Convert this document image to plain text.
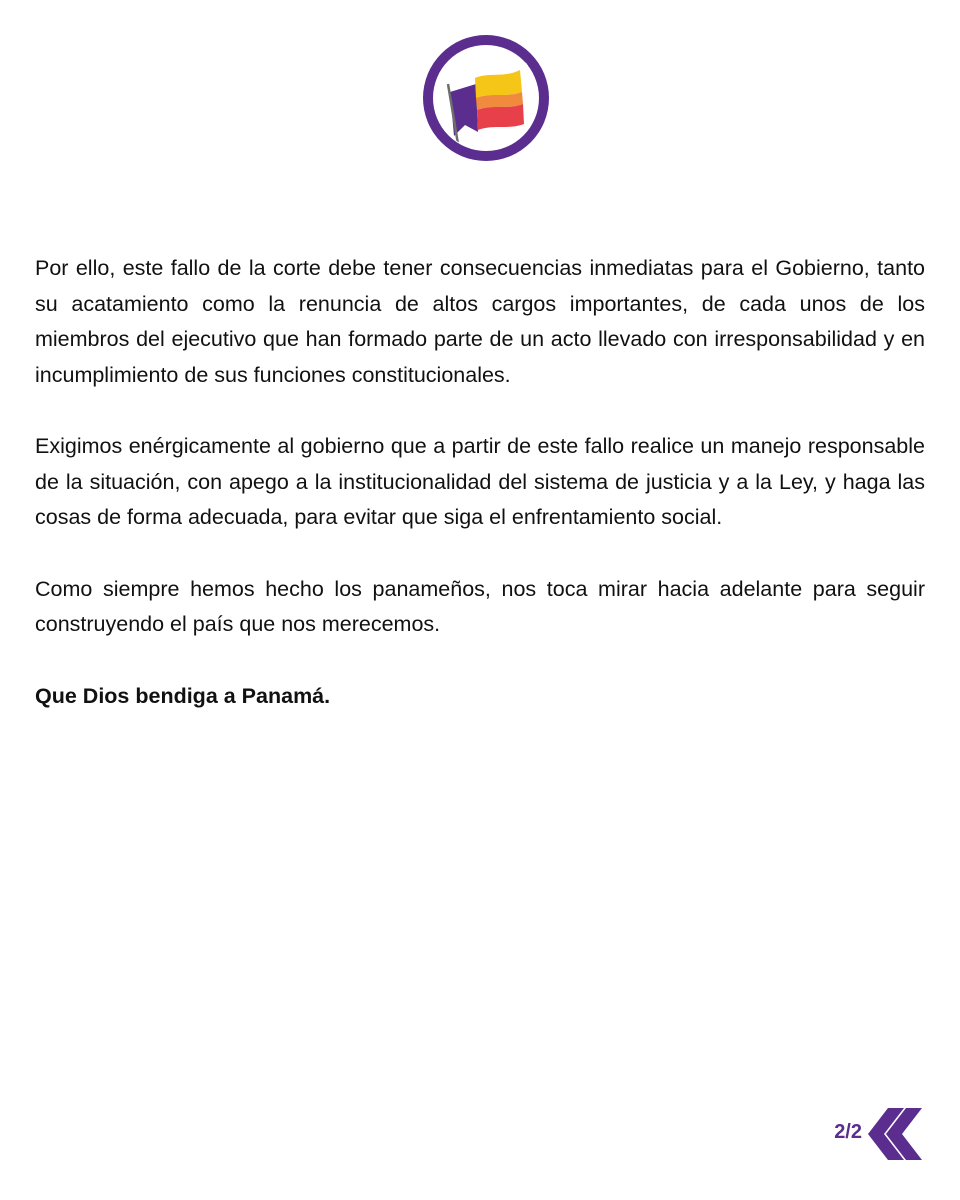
PARTIDO PANAMEÑISTA

Por ello, este fallo de la corte debe tener consecuencias inmediatas para el Gobierno, tanto su acatamiento como la renuncia de altos cargos importantes, de cada unos de los miembros del ejecutivo que han formado parte de un acto llevado con irresponsabilidad y en incumplimiento de sus funciones constitucionales.

Exigimos enérgicamente al gobierno que a partir de este fallo realice un manejo responsable de la situación, con apego a la institucionalidad del sistema de justicia y a la Ley, y haga las cosas de forma adecuada, para evitar que siga el enfrentamiento social.

Como siempre hemos hecho los panameños, nos toca mirar hacia adelante para seguir construyendo el país que nos merecemos.

Que Dios bendiga a Panamá.

2/2
